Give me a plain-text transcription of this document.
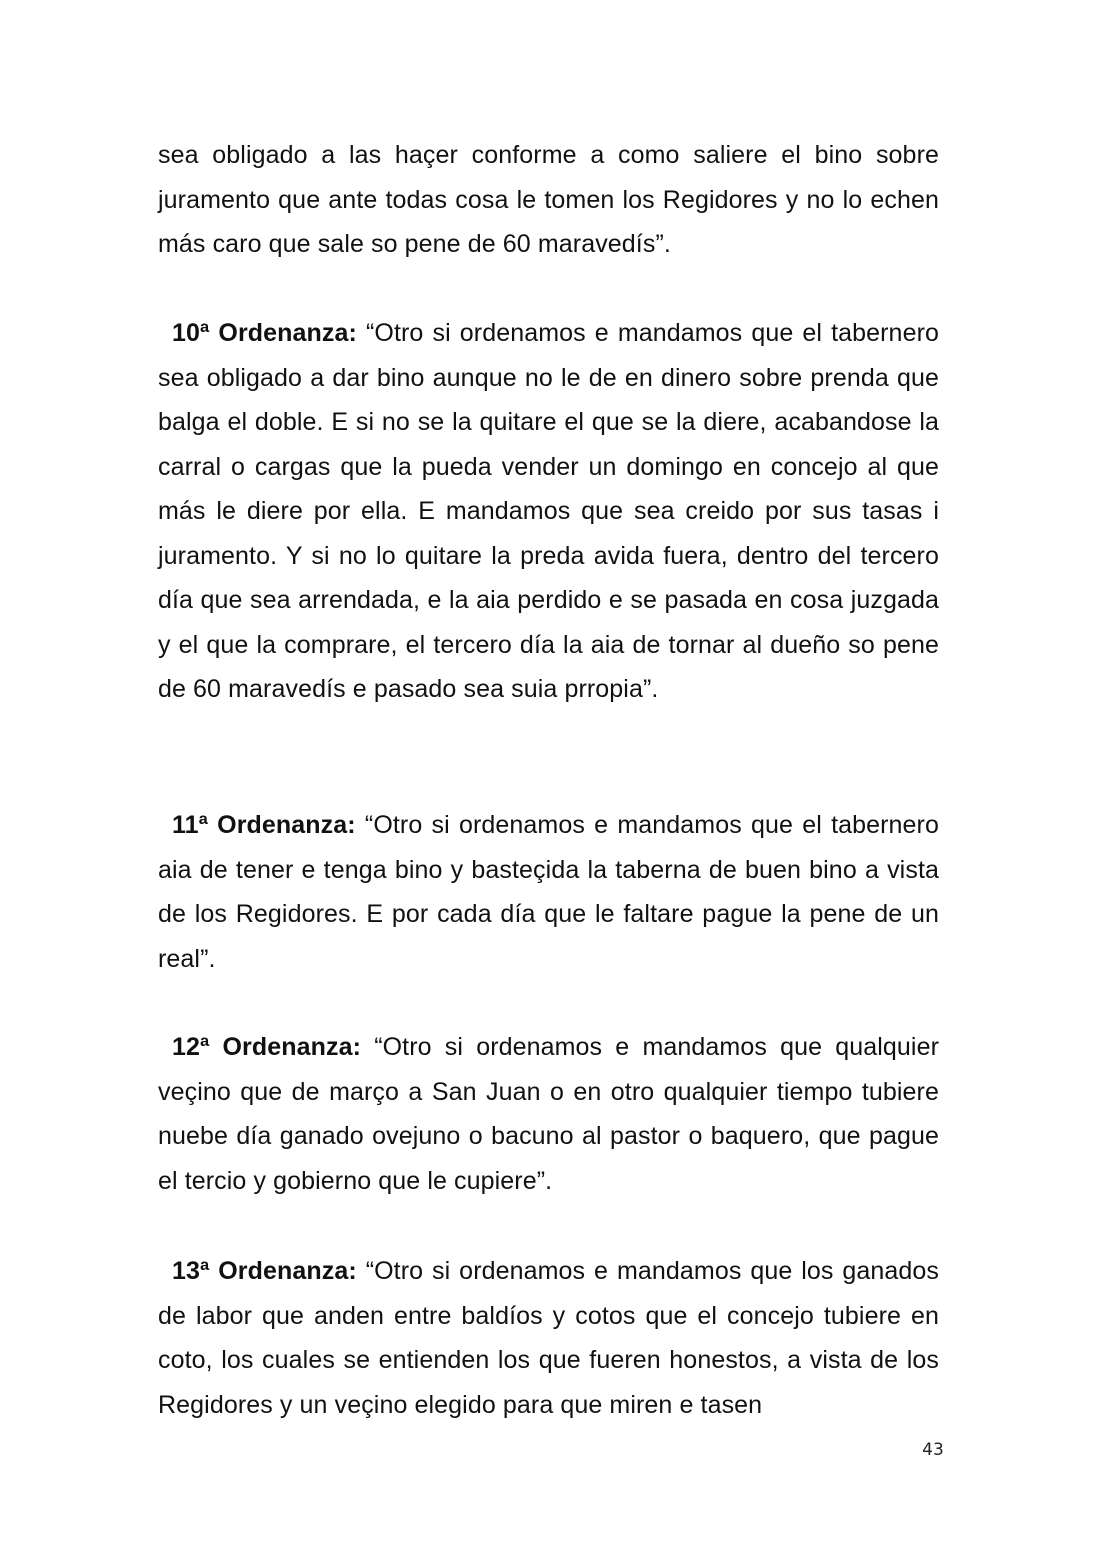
sea obligado a las haçer conforme a como saliere el bino sobre juramento que ante todas cosa le tomen los Regidores y no lo echen más caro que sale so pene de 60 maravedís”.

10ª Ordenanza: “Otro si ordenamos e mandamos que el tabernero sea obligado a dar bino aunque no le de en dinero sobre prenda que balga el doble. E si no se la quitare el que se la diere, acabandose la carral o cargas que la pueda vender un domingo en concejo al que más le diere por ella. E mandamos que sea creido por sus tasas i juramento. Y si no lo quitare la preda avida fuera, dentro del tercero día que sea arrendada, e la aia perdido e se pasada en cosa juzgada y el que la comprare, el tercero día la aia de tornar al dueño so pene de 60 maravedís e pasado sea suia prropia”.

11ª Ordenanza: “Otro si ordenamos e mandamos que el tabernero aia de tener e tenga bino y basteçida la taberna de buen bino a vista de los Regidores. E por cada día que le faltare pague la pene de un real”.

12ª Ordenanza: “Otro si ordenamos e mandamos que qualquier veçino que de março a San Juan o en otro qualquier tiempo tubiere nuebe día ganado ovejuno o bacuno al pastor o baquero, que pague el tercio y gobierno que le cupiere”.

13ª Ordenanza: “Otro si ordenamos e mandamos que los ganados de labor que anden entre baldíos y cotos que el concejo tubiere en coto, los cuales se entienden los que fueren honestos, a vista de los Regidores y un veçino elegido para que miren e tasen

43
